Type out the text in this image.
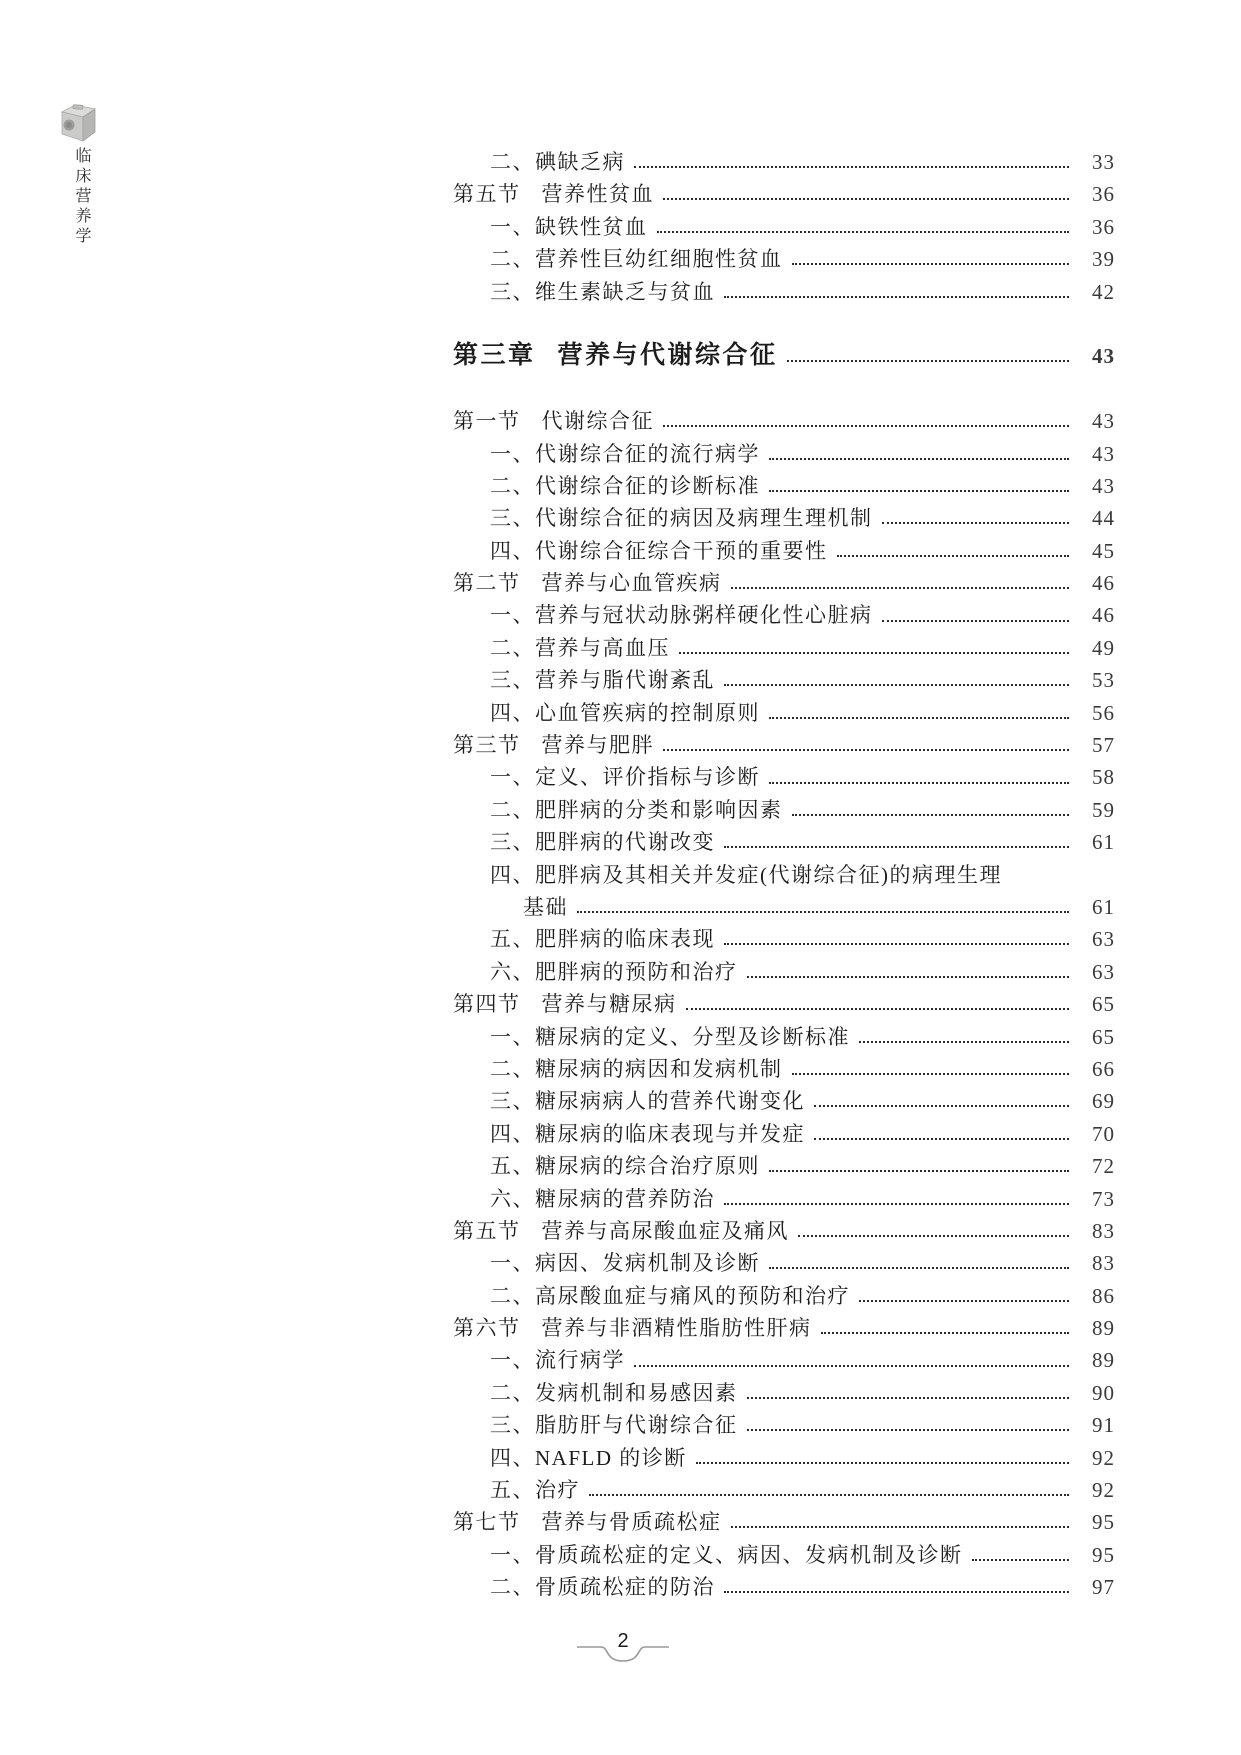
临床营养学	二、碘缺乏病	33
第五节 营养性贫血	36
一、缺铁性贫血	36
二、营养性巨幼红细胞性贫血	39
三、维生素缺乏与贫血	42
第三章 营养与代谢综合征	43
第一节 代谢综合征	43
一、代谢综合征的流行病学	43
二、代谢综合征的诊断标准	43
三、代谢综合征的病因及病理生理机制	44
四、代谢综合征综合干预的重要性	45
第二节 营养与心血管疾病	46
一、营养与冠状动脉粥样硬化性心脏病	46
二、营养与高血压	49
三、营养与脂代谢紊乱	53
四、心血管疾病的控制原则	56
第三节 营养与肥胖	57
一、定义、评价指标与诊断	58
二、肥胖病的分类和影响因素	59
三、肥胖病的代谢改变	61
四、肥胖病及其相关并发症(代谢综合征)的病理生理
基础	61
五、肥胖病的临床表现	63
六、肥胖病的预防和治疗	63
第四节 营养与糖尿病	65
一、糖尿病的定义、分型及诊断标准	65
二、糖尿病的病因和发病机制	66
三、糖尿病病人的营养代谢变化	69
四、糖尿病的临床表现与并发症	70
五、糖尿病的综合治疗原则	72
六、糖尿病的营养防治	73
第五节 营养与高尿酸血症及痛风	83
一、病因、发病机制及诊断	83
二、高尿酸血症与痛风的预防和治疗	86
第六节 营养与非酒精性脂肪性肝病	89
一、流行病学	89
二、发病机制和易感因素	90
三、脂肪肝与代谢综合征	91
四、NAFLD 的诊断	92
五、治疗	92
第七节 营养与骨质疏松症	95
一、骨质疏松症的定义、病因、发病机制及诊断	95
二、骨质疏松症的防治	97
2
